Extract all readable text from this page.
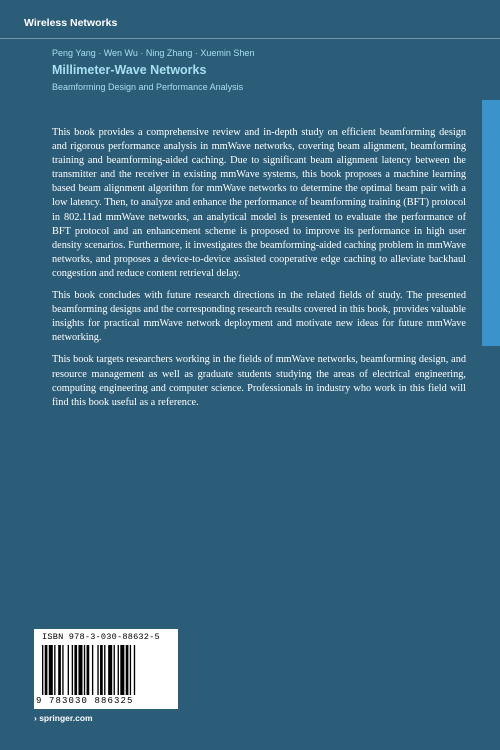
Wireless Networks
Peng Yang · Wen Wu · Ning Zhang · Xuemin Shen
Millimeter-Wave Networks
Beamforming Design and Performance Analysis

This book provides a comprehensive review and in-depth study on efficient beamforming design and rigorous performance analysis in mmWave networks, covering beam alignment, beamforming training and beamforming-aided caching. Due to significant beam alignment latency between the transmitter and the receiver in existing mmWave systems, this book proposes a machine learning based beam alignment algorithm for mmWave networks to determine the optimal beam pair with a low latency. Then, to analyze and enhance the performance of beamforming training (BFT) protocol in 802.11ad mmWave networks, an analytical model is presented to evaluate the performance of BFT protocol and an enhancement scheme is proposed to improve its performance in high user density scenarios. Furthermore, it investigates the beamforming-aided caching problem in mmWave networks, and proposes a device-to-device assisted cooperative edge caching to alleviate backhaul congestion and reduce content retrieval delay.

This book concludes with future research directions in the related fields of study. The presented beamforming designs and the corresponding research results covered in this book, provides valuable insights for practical mmWave network deployment and motivate new ideas for future mmWave networking.

This book targets researchers working in the fields of mmWave networks, beamforming design, and resource management as well as graduate students studying the areas of electrical engineering, computing engineering and computer science. Professionals in industry who work in this field will find this book useful as a reference.

ISBN 978-3-030-88632-5
9 783030 886325
› springer.com
